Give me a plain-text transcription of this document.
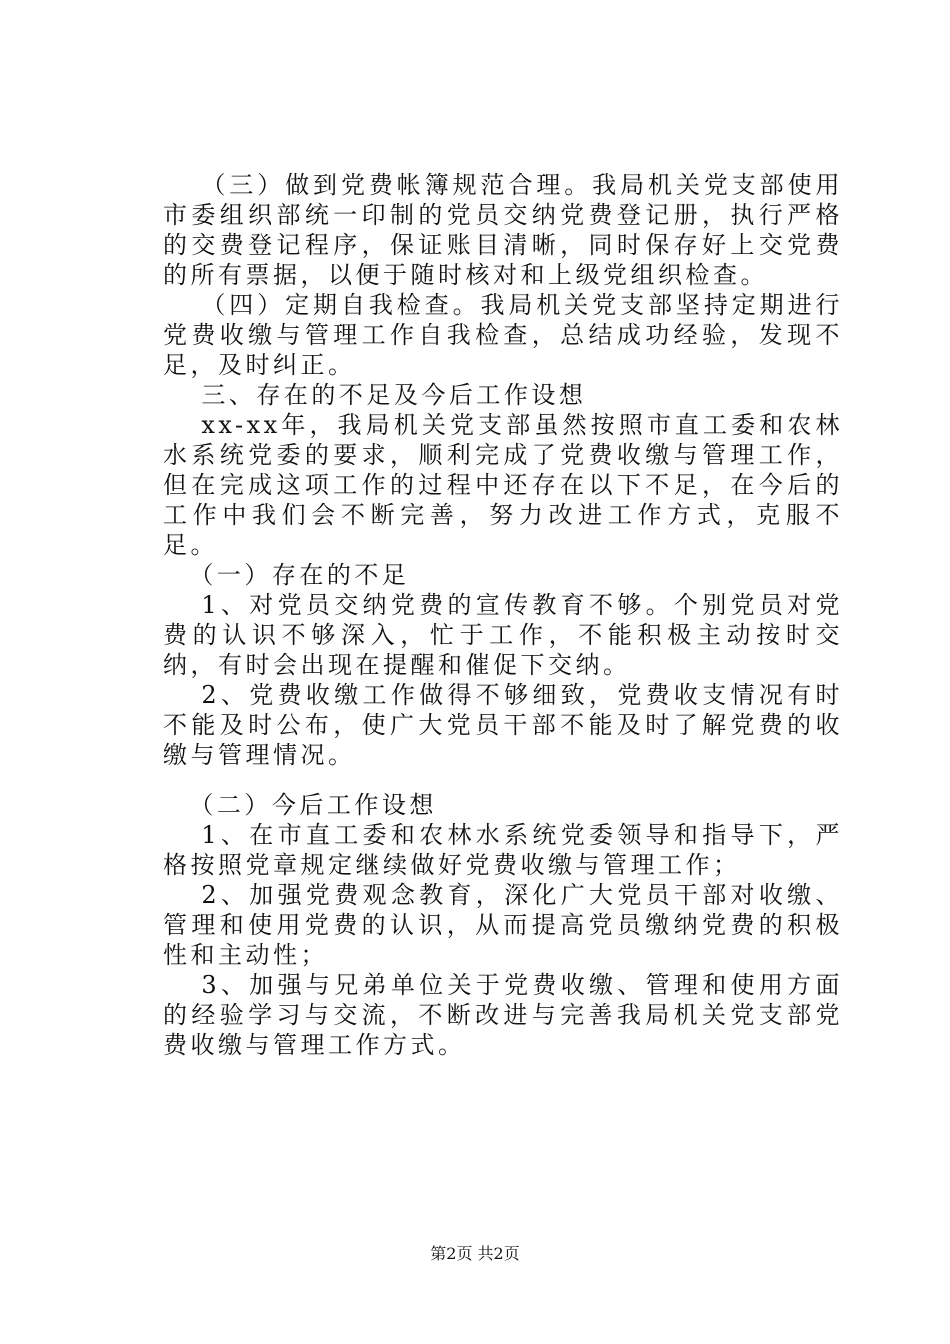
（三）做到党费帐簿规范合理。我局机关党支部使用市委组织部统一印制的党员交纳党费登记册，执行严格的交费登记程序，保证账目清晰，同时保存好上交党费的所有票据，以便于随时核对和上级党组织检查。

（四）定期自我检查。我局机关党支部坚持定期进行党费收缴与管理工作自我检查，总结成功经验，发现不足，及时纠正。

三、存在的不足及今后工作设想

xx-xx年，我局机关党支部虽然按照市直工委和农林水系统党委的要求，顺利完成了党费收缴与管理工作，但在完成这项工作的过程中还存在以下不足，在今后的工作中我们会不断完善，努力改进工作方式，克服不足。

（一）存在的不足

1、对党员交纳党费的宣传教育不够。个别党员对党费的认识不够深入，忙于工作，不能积极主动按时交纳，有时会出现在提醒和催促下交纳。

2、党费收缴工作做得不够细致，党费收支情况有时不能及时公布，使广大党员干部不能及时了解党费的收缴与管理情况。

（二）今后工作设想

1、在市直工委和农林水系统党委领导和指导下，严格按照党章规定继续做好党费收缴与管理工作；

2、加强党费观念教育，深化广大党员干部对收缴、管理和使用党费的认识，从而提高党员缴纳党费的积极性和主动性；

3、加强与兄弟单位关于党费收缴、管理和使用方面的经验学习与交流，不断改进与完善我局机关党支部党费收缴与管理工作方式。

第2页 共2页
